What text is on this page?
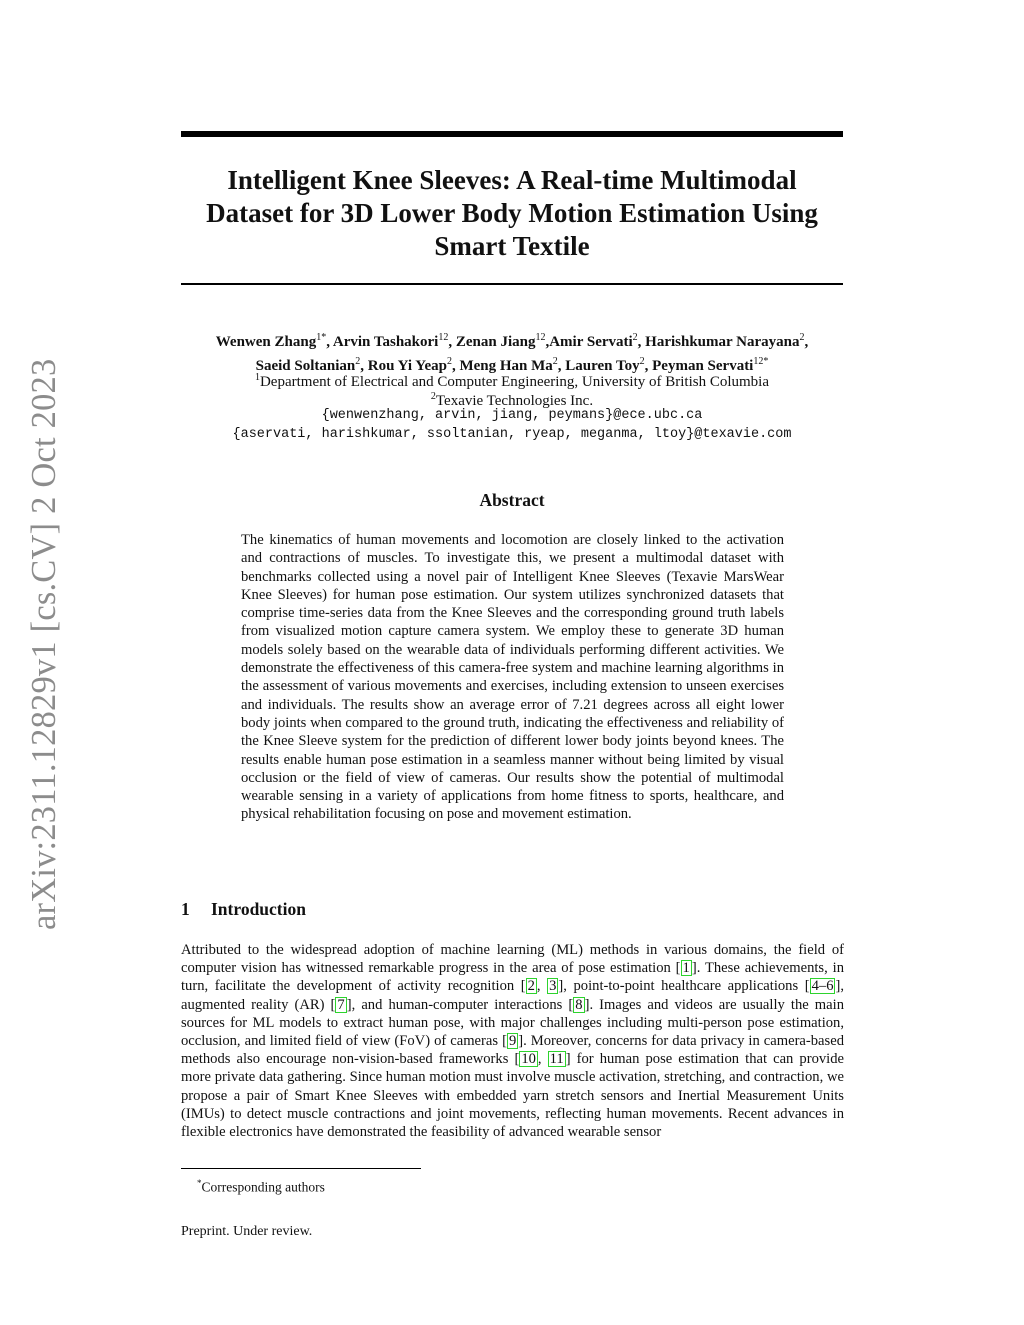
arXiv:2311.12829v1 [cs.CV] 2 Oct 2023
Intelligent Knee Sleeves: A Real-time Multimodal Dataset for 3D Lower Body Motion Estimation Using Smart Textile
Wenwen Zhang$^{1*}$, Arvin Tashakori$^{12}$, Zenan Jiang$^{12}$,Amir Servati$^2$, Harishkumar Narayana$^2$,
Saeid Soltanian$^2$, Rou Yi Yeap$^2$, Meng Han Ma$^2$, Lauren Toy$^2$, Peyman Servati$^{12*}$
$^1$Department of Electrical and Computer Engineering, University of British Columbia
$^2$Texavie Technologies Inc.
{wenwenzhang, arvin, jiang, peymans}@ece.ubc.ca
{aservati, harishkumar, ssoltanian, ryeap, meganma, ltoy}@texavie.com
Abstract

The kinematics of human movements and locomotion are closely linked to the activation and contractions of muscles. To investigate this, we present a multimodal dataset with benchmarks collected using a novel pair of Intelligent Knee Sleeves (Texavie MarsWear Knee Sleeves) for human pose estimation. Our system utilizes synchronized datasets that comprise time-series data from the Knee Sleeves and the corresponding ground truth labels from visualized motion capture camera system. We employ these to generate 3D human models solely based on the wearable data of individuals performing different activities. We demonstrate the effectiveness of this camera-free system and machine learning algorithms in the assessment of various movements and exercises, including extension to unseen exercises and individuals. The results show an average error of 7.21 degrees across all eight lower body joints when compared to the ground truth, indicating the effectiveness and reliability of the Knee Sleeve system for the prediction of different lower body joints beyond knees. The results enable human pose estimation in a seamless manner without being limited by visual occlusion or the field of view of cameras. Our results show the potential of multimodal wearable sensing in a variety of applications from home fitness to sports, healthcare, and physical rehabilitation focusing on pose and movement estimation.

1 Introduction

Attributed to the widespread adoption of machine learning (ML) methods in various domains, the field of computer vision has witnessed remarkable progress in the area of pose estimation [ 1 ]. These achievements, in turn, facilitate the development of activity recognition [ 2 , 3 ], point-to-point healthcare applications [ 4–6 ], augmented reality (AR) [ 7 ], and human-computer interactions [ 8 ]. Images and videos are usually the main sources for ML models to extract human pose, with major challenges including multi-person pose estimation, occlusion, and limited field of view (FoV) of cameras [ 9 ]. Moreover, concerns for data privacy in camera-based methods also encourage non-vision-based frameworks [ 10 , 11 ] for human pose estimation that can provide more private data gathering. Since human motion must involve muscle activation, stretching, and contraction, we propose a pair of Smart Knee Sleeves with embedded yarn stretch sensors and Inertial Measurement Units (IMUs) to detect muscle contractions and joint movements, reflecting human movements. Recent advances in flexible electronics have demonstrated the feasibility of advanced wearable sensor

*Corresponding authors
Preprint. Under review.
